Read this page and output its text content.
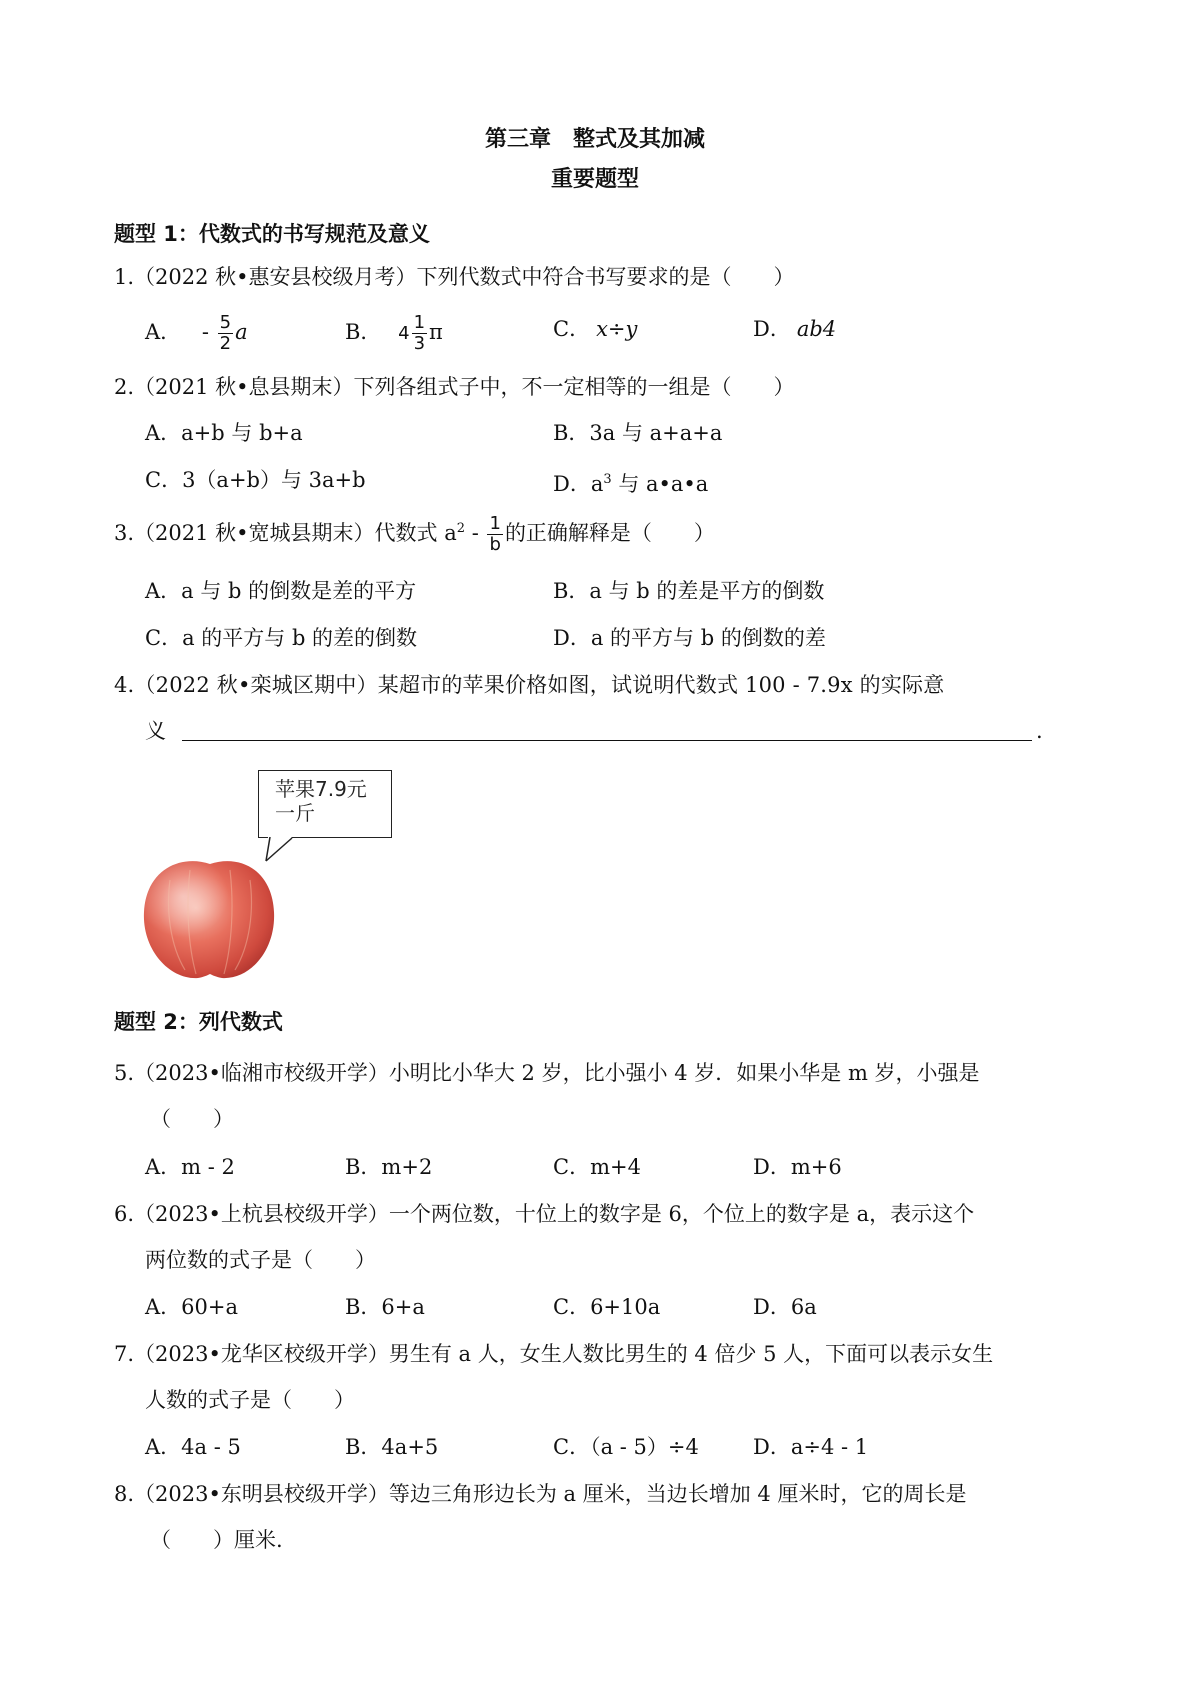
第三章　整式及其加减
重要题型
题型 1：代数式的书写规范及意义
1.（2022 秋•惠安县校级月考）下列代数式中符合书写要求的是（　　）
A． - $\frac{5}{2}$ a	B． $4 \frac{1}{3}$ π	C． x÷y	D． ab4
2.（2021 秋•息县期末）下列各组式子中，不一定相等的一组是（　　）
A．a+b 与 b+a	B．3a 与 a+a+a
C．3（a+b）与 3a+b	D．$a^3$ 与 a•a•a
3.（2021 秋•宽城县期末）代数式 $a^2 - \frac{1}{b}$ 的正确解释是（　　）
A．a 与 b 的倒数是差的平方	B．a 与 b 的差是平方的倒数
C．a 的平方与 b 的差的倒数	D．a 的平方与 b 的倒数的差
4.（2022 秋•栾城区期中）某超市的苹果价格如图，试说明代数式 100 - 7.9x 的实际意
义	.
苹果7.9元
一斤
题型 2：列代数式
5.（2023•临湘市校级开学）小明比小华大 2 岁，比小强小 4 岁．如果小华是 m 岁，小强是
（　　）
A．m - 2	B．m+2	C．m+4	D．m+6
6.（2023•上杭县校级开学）一个两位数，十位上的数字是 6，个位上的数字是 a，表示这个
两位数的式子是（　　）
A．60+a	B．6+a	C．6+10a	D．6a
7.（2023•龙华区校级开学）男生有 a 人，女生人数比男生的 4 倍少 5 人，下面可以表示女生
人数的式子是（　　）
A．4a - 5	B．4a+5	C．（a - 5）÷4	D．a÷4 - 1
8.（2023•东明县校级开学）等边三角形边长为 a 厘米，当边长增加 4 厘米时，它的周长是
（　　）厘米.
